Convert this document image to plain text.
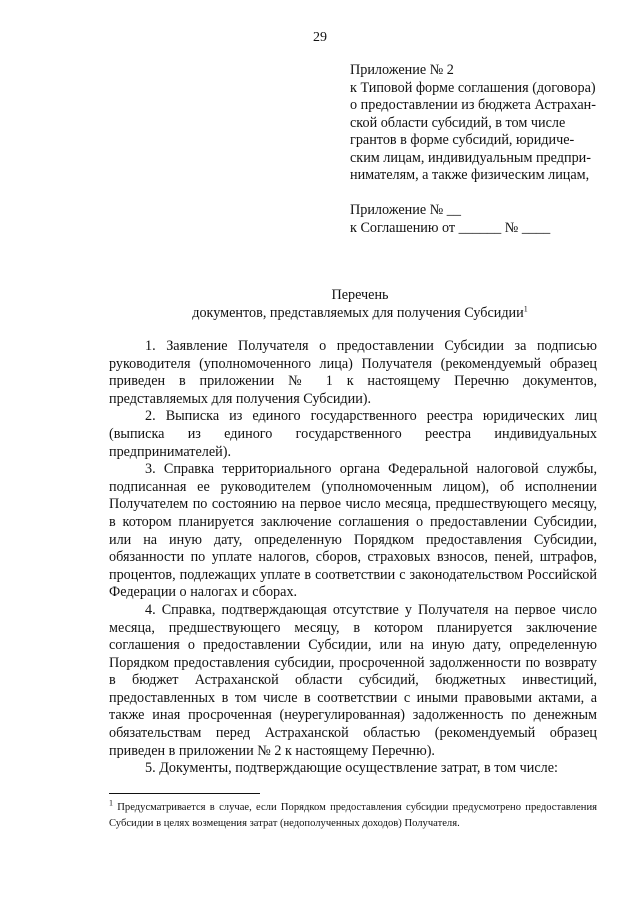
29
Приложение № 2
к Типовой форме соглашения (договора)
о предоставлении из бюджета Астрахан-
ской области субсидий, в том числе
грантов в форме субсидий, юридиче-
ским лицам, индивидуальным предпри-
нимателям, а также физическим лицам,
Приложение № __
к Соглашению от ______ № ____
Перечень
документов, представляемых для получения Субсидии$^1$

1. Заявление Получателя о предоставлении Субсидии за подписью руководителя (уполномоченного лица) Получателя (рекомендуемый образец приведен в приложении № 1 к настоящему Перечню документов, представляемых для получения Субсидии).

2. Выписка из единого государственного реестра юридических лиц (выписка из единого государственного реестра индивидуальных предпринимателей).

3. Справка территориального органа Федеральной налоговой службы, подписанная ее руководителем (уполномоченным лицом), об исполнении Получателем по состоянию на первое число месяца, предшествующего месяцу, в котором планируется заключение соглашения о предоставлении Субсидии, или на иную дату, определенную Порядком предоставления Субсидии, обязанности по уплате налогов, сборов, страховых взносов, пеней, штрафов, процентов, подлежащих уплате в соответствии с законодательством Российской Федерации о налогах и сборах.

4. Справка, подтверждающая отсутствие у Получателя на первое число месяца, предшествующего месяцу, в котором планируется заключение соглашения о предоставлении Субсидии, или на иную дату, определенную Порядком предоставления субсидии, просроченной задолженности по возврату в бюджет Астраханской области субсидий, бюджетных инвестиций, предоставленных в том числе в соответствии с иными правовыми актами, а также иная просроченная (неурегулированная) задолженность по денежным обязательствам перед Астраханской областью (рекомендуемый образец приведен в приложении № 2 к настоящему Перечню).

5. Документы, подтверждающие осуществление затрат, в том числе:

$^1$ Предусматривается в случае, если Порядком предоставления субсидии предусмотрено предоставления Субсидии в целях возмещения затрат (недополученных доходов) Получателя.
